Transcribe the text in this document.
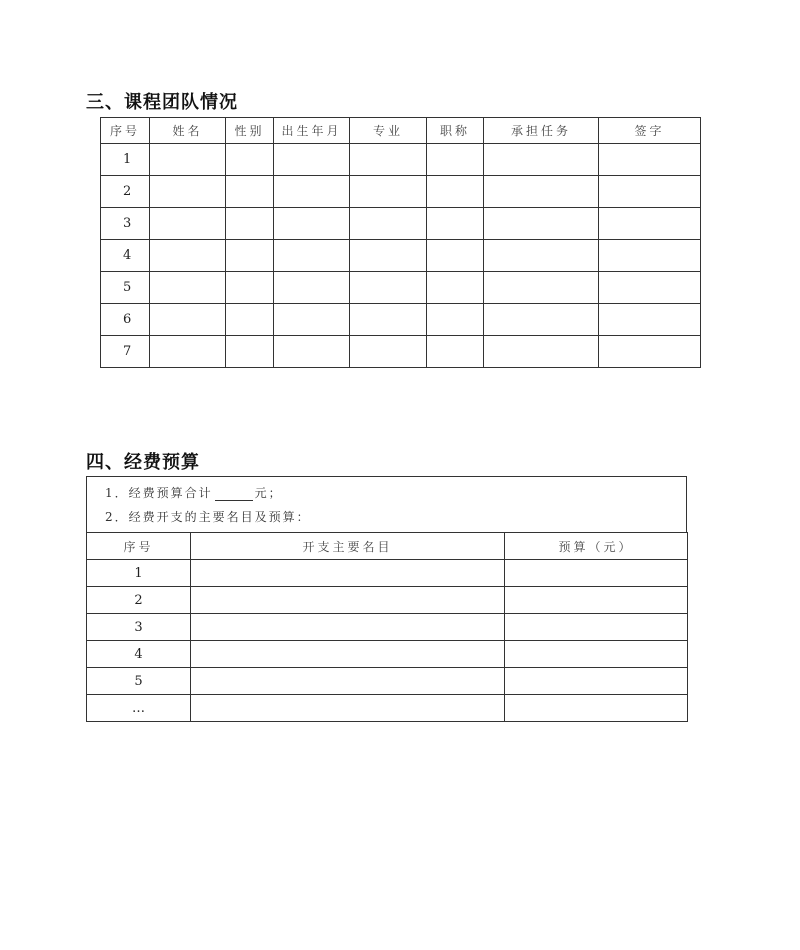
三、课程团队情况
序号	姓名	性别	出生年月	专业	职称	承担任务	签字
1							
2							
3							
4							
5							
6							
7							
四、经费预算
1．经费预算合计	元；
2．经费开支的主要名目及预算：
序号	开支主要名目	预算（元）
1		
2		
3		
4		
5		
…		
